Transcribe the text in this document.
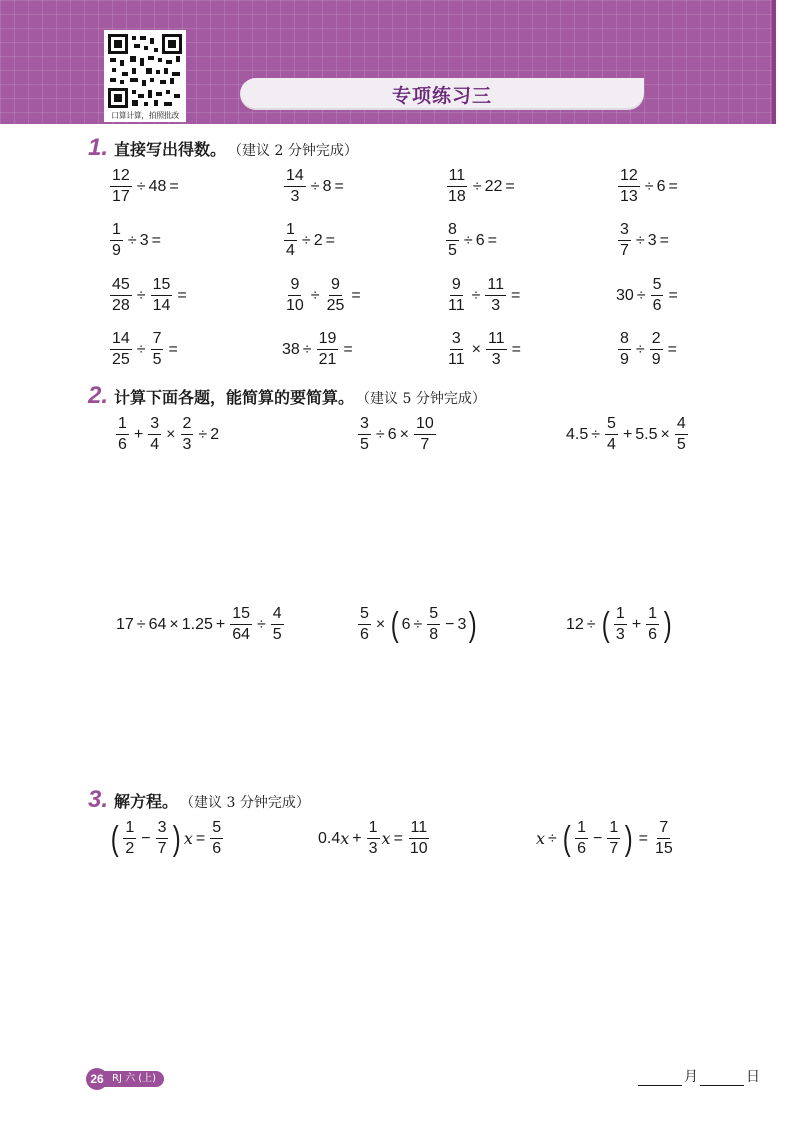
口算计算，拍照批改
专项练习三
1. 直接写出得数。 （建议 2 分钟完成）
$\frac{12}{17} \div 48$ =	$\frac{14}{3} \div 8$ =	$\frac{11}{18} \div 22$ =	$\frac{12}{13} \div 6$ =
$\frac{1}{9} \div 3$ =	$\frac{1}{4} \div 2$ =	$\frac{8}{5} \div 6$ =	$\frac{3}{7} \div 3$ =
$\frac{45}{28} \div \frac{15}{14}$ =	$\frac{9}{10} \div \frac{9}{25}$ =	$\frac{9}{11} \div \frac{11}{3}$ =	$30 \div \frac{5}{6}$ =
$\frac{14}{25} \div \frac{7}{5}$ =	$38 \div \frac{19}{21}$ =	$\frac{3}{11} \times \frac{11}{3}$ =	$\frac{8}{9} \div \frac{2}{9}$ =
2. 计算下面各题，能简算的要简算。 （建议 5 分钟完成）
$\frac{1}{6} + \frac{3}{4} \times \frac{2}{3} \div 2$	$\frac{3}{5} \div 6 \times \frac{10}{7}$	$4.5 \div \frac{5}{4} + 5.5 \times \frac{4}{5}$
$17 \div 64 \times 1.25 + \frac{15}{64} \div \frac{4}{5}$	$\frac{5}{6}$ × ( $6 \div \frac{5}{8} - 3$ )	12 ÷ ( $\frac{1}{3} + \frac{1}{6}$ )
3. 解方程。 （建议 3 分钟完成）
( $\frac{1}{2} - \frac{3}{7}$ ) $x = \frac{5}{6}$	0.4 $x + \frac{1}{3}$ $x = \frac{11}{10}$	x ÷ ( $\frac{1}{6} - \frac{1}{7}$ ) = $\frac{7}{15}$
26 RJ 六 (上)	月	日
